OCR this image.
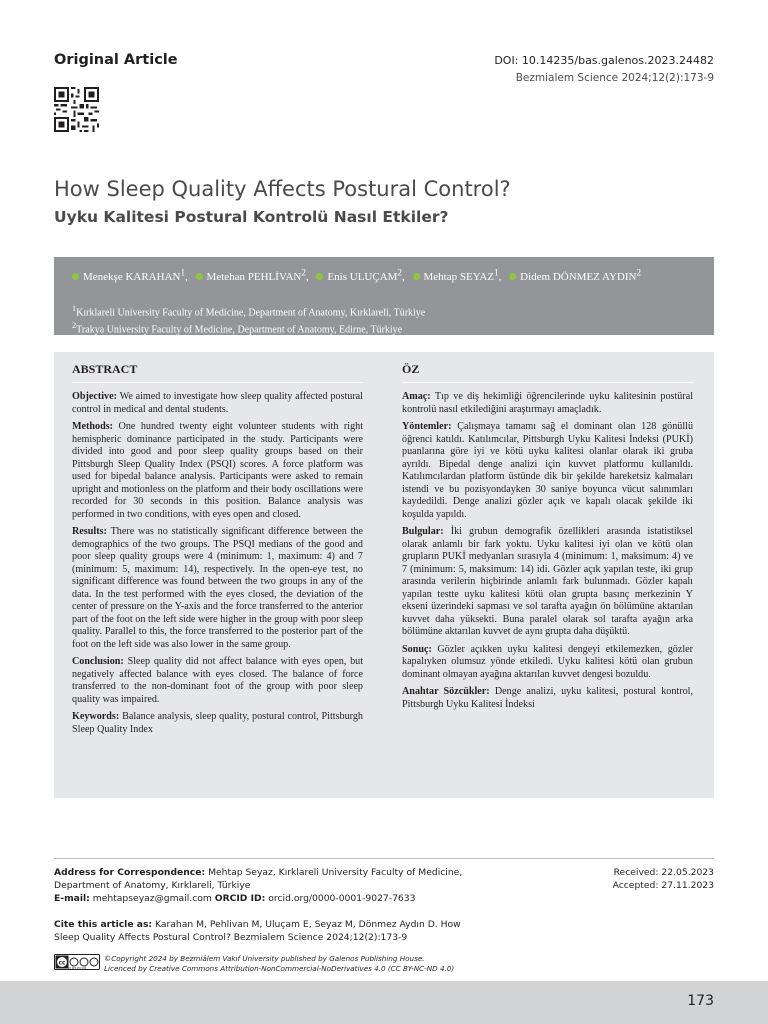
Original Article	DOI: 10.14235/bas.galenos.2023.24482
Bezmialem Science 2024;12(2):173-9
How Sleep Quality Affects Postural Control?
Uyku Kalitesi Postural Kontrolü Nasıl Etkiler?
Menekşe KARAHAN$^1$, Metehan PEHLİVAN$^2$, Enis ULUÇAM$^2$, Mehtap SEYAZ$^1$, Didem DÖNMEZ AYDIN$^2$
$^1$Kırklareli University Faculty of Medicine, Department of Anatomy, Kırklareli, Türkiye
$^2$Trakya University Faculty of Medicine, Department of Anatomy, Edirne, Türkiye
ABSTRACT

Objective: We aimed to investigate how sleep quality affected postural control in medical and dental students.

Methods: One hundred twenty eight volunteer students with right hemispheric dominance participated in the study. Participants were divided into good and poor sleep quality groups based on their Pittsburgh Sleep Quality Index (PSQI) scores. A force platform was used for bipedal balance analysis. Participants were asked to remain upright and motionless on the platform and their body oscillations were recorded for 30 seconds in this position. Balance analysis was performed in two conditions, with eyes open and closed.

Results: There was no statistically significant difference between the demographics of the two groups. The PSQI medians of the good and poor sleep quality groups were 4 (minimum: 1, maximum: 4) and 7 (minimum: 5, maximum: 14), respectively. In the open-eye test, no significant difference was found between the two groups in any of the data. In the test performed with the eyes closed, the deviation of the center of pressure on the Y-axis and the force transferred to the anterior part of the foot on the left side were higher in the group with poor sleep quality. Parallel to this, the force transferred to the posterior part of the foot on the left side was also lower in the same group.

Conclusion: Sleep quality did not affect balance with eyes open, but negatively affected balance with eyes closed. The balance of force transferred to the non-dominant foot of the group with poor sleep quality was impaired.

Keywords: Balance analysis, sleep quality, postural control, Pittsburgh Sleep Quality Index

ÖZ

Amaç: Tıp ve diş hekimliği öğrencilerinde uyku kalitesinin postüral kontrolü nasıl etkilediğini araştırmayı amaçladık.

Yöntemler: Çalışmaya tamamı sağ el dominant olan 128 gönüllü öğrenci katıldı. Katılımcılar, Pittsburgh Uyku Kalitesi İndeksi (PUKİ) puanlarına göre iyi ve kötü uyku kalitesi olanlar olarak iki gruba ayrıldı. Bipedal denge analizi için kuvvet platformu kullanıldı. Katılımcılardan platform üstünde dik bir şekilde hareketsiz kalmaları istendi ve bu pozisyondayken 30 saniye boyunca vücut salınımları kaydedildi. Denge analizi gözler açık ve kapalı olacak şekilde iki koşulda yapıldı.

Bulgular: İki grubun demografik özellikleri arasında istatistiksel olarak anlamlı bir fark yoktu. Uyku kalitesi iyi olan ve kötü olan grupların PUKİ medyanları sırasıyla 4 (minimum: 1, maksimum: 4) ve 7 (minimum: 5, maksimum: 14) idi. Gözler açık yapılan teste, iki grup arasında verilerin hiçbirinde anlamlı fark bulunmadı. Gözler kapalı yapılan testte uyku kalitesi kötü olan grupta basınç merkezinin Y ekseni üzerindeki sapması ve sol tarafta ayağın ön bölümüne aktarılan kuvvet daha yüksekti. Buna paralel olarak sol tarafta ayağın arka bölümüne aktarılan kuvvet de aynı grupta daha düşüktü.

Sonuç: Gözler açıkken uyku kalitesi dengeyi etkilemezken, gözler kapalıyken olumsuz yönde etkiledi. Uyku kalitesi kötü olan grubun dominant olmayan ayağına aktarılan kuvvet dengesi bozuldu.

Anahtar Sözcükler: Denge analizi, uyku kalitesi, postural kontrol, Pittsburgh Uyku Kalitesi İndeksi

Address for Correspondence: Mehtap Seyaz, Kırklareli University Faculty of Medicine, Department of Anatomy, Kırklareli, Türkiye
E-mail: mehtapseyaz@gmail.com ORCID ID: orcid.org/0000-0001-9027-7633
Received: 22.05.2023
Accepted: 27.11.2023
Cite this article as: Karahan M, Pehlivan M, Uluçam E, Seyaz M, Dönmez Aydın D. How Sleep Quality Affects Postural Control? Bezmialem Science 2024;12(2):173-9
cc
cc by-nc-nd
©Copyright 2024 by Bezmiâlem Vakıf University published by Galenos Publishing House.
Licenced by Creative Commons Attribution-NonCommercial-NoDerivatives 4.0 (CC BY-NC-ND 4.0)
173
